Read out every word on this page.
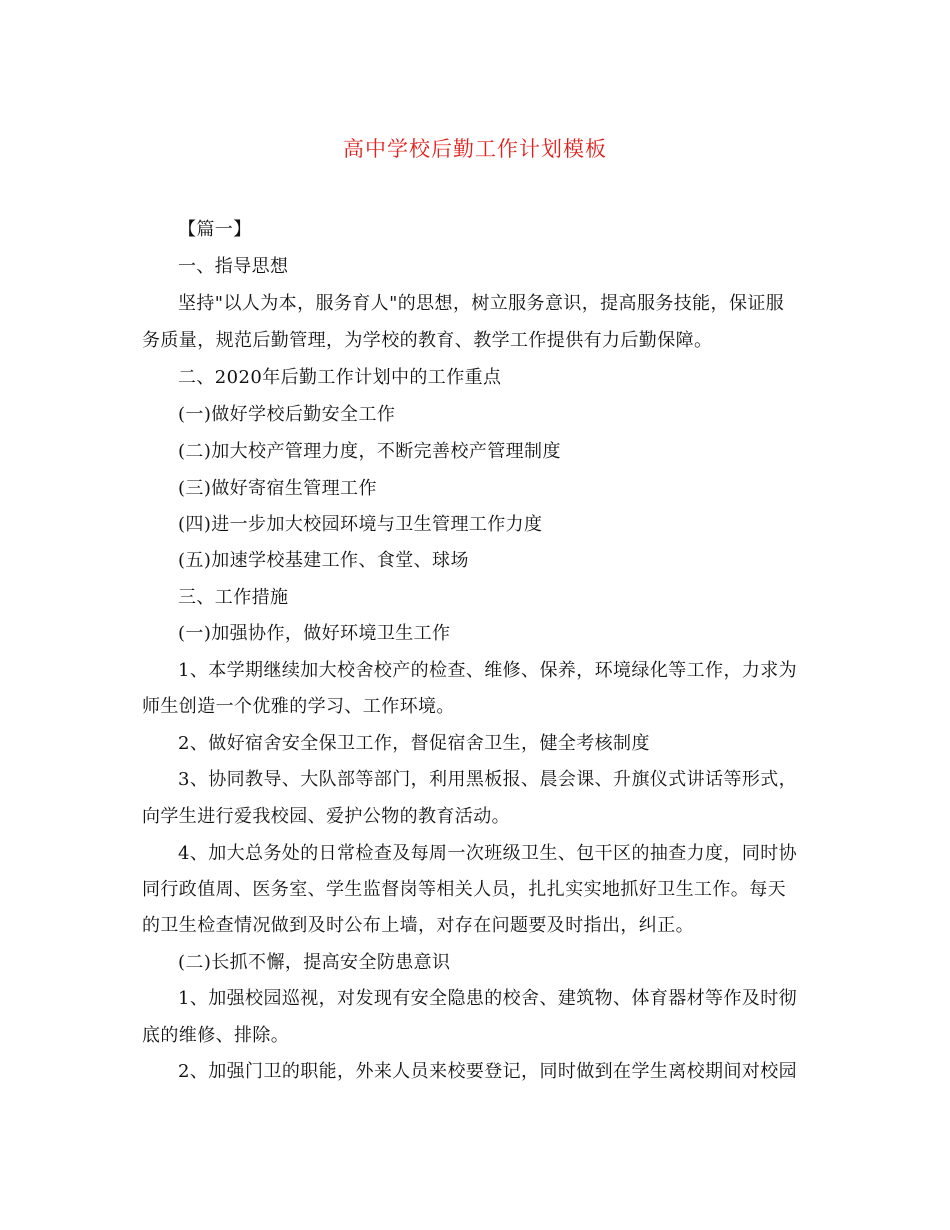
高中学校后勤工作计划模板
【篇一】
一、指导思想
坚持"以人为本，服务育人"的思想，树立服务意识，提高服务技能，保证服
务质量，规范后勤管理，为学校的教育、教学工作提供有力后勤保障。
二、2020年后勤工作计划中的工作重点
(一)做好学校后勤安全工作
(二)加大校产管理力度，不断完善校产管理制度
(三)做好寄宿生管理工作
(四)进一步加大校园环境与卫生管理工作力度
(五)加速学校基建工作、食堂、球场
三、工作措施
(一)加强协作，做好环境卫生工作
1、本学期继续加大校舍校产的检查、维修、保养，环境绿化等工作，力求为
师生创造一个优雅的学习、工作环境。
2、做好宿舍安全保卫工作，督促宿舍卫生，健全考核制度
3、协同教导、大队部等部门，利用黑板报、晨会课、升旗仪式讲话等形式，
向学生进行爱我校园、爱护公物的教育活动。
4、加大总务处的日常检查及每周一次班级卫生、包干区的抽查力度，同时协
同行政值周、医务室、学生监督岗等相关人员，扎扎实实地抓好卫生工作。每天
的卫生检查情况做到及时公布上墙，对存在问题要及时指出，纠正。
(二)长抓不懈，提高安全防患意识
1、加强校园巡视，对发现有安全隐患的校舍、建筑物、体育器材等作及时彻
底的维修、排除。
2、加强门卫的职能，外来人员来校要登记，同时做到在学生离校期间对校园
